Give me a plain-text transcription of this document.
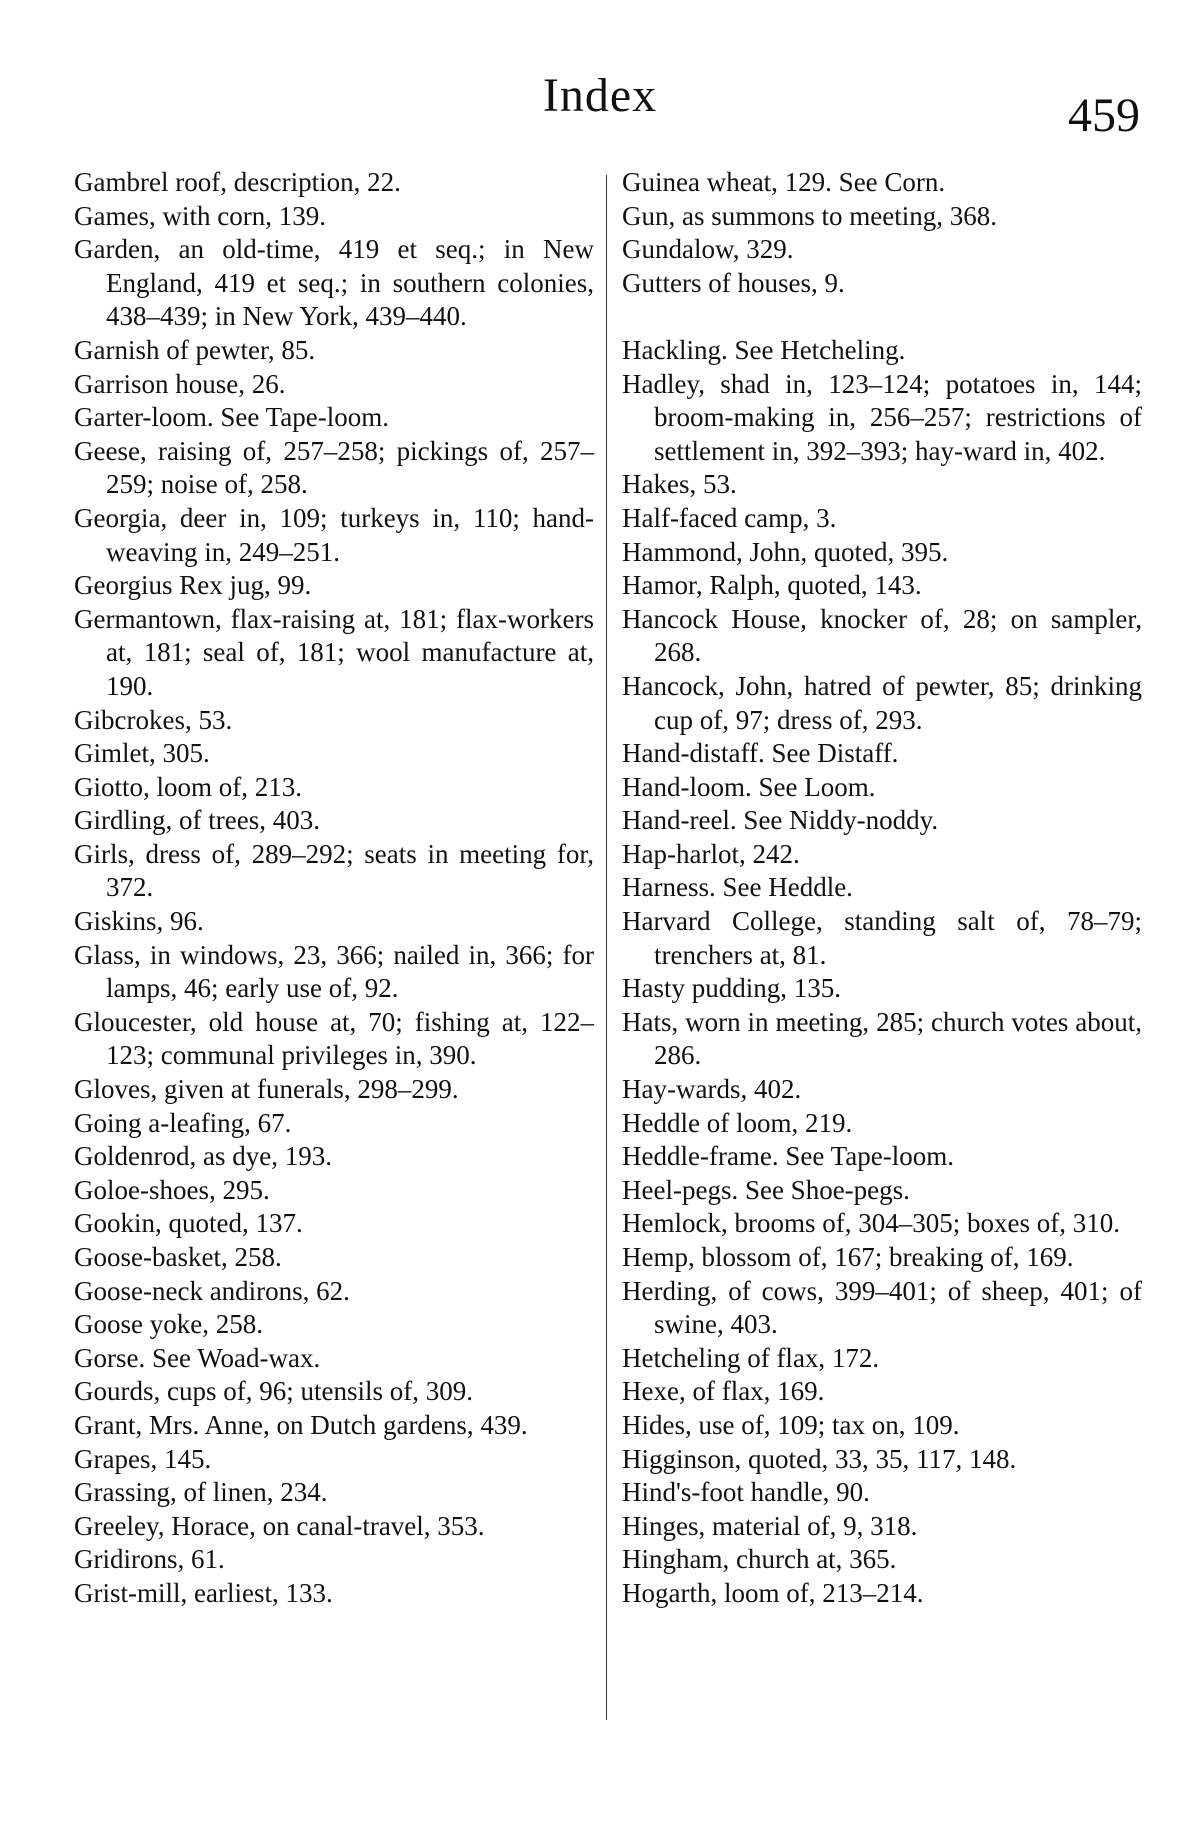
Index	459

Gambrel roof, description, 22.

Games, with corn, 139.

Garden, an old-time, 419 et seq.; in New England, 419 et seq.; in southern colonies, 438–439; in New York, 439–440.

Garnish of pewter, 85.

Garrison house, 26.

Garter-loom. See Tape-loom.

Geese, raising of, 257–258; pickings of, 257–259; noise of, 258.

Georgia, deer in, 109; turkeys in, 110; hand-weaving in, 249–251.

Georgius Rex jug, 99.

Germantown, flax-raising at, 181; flax-workers at, 181; seal of, 181; wool manufacture at, 190.

Gibcrokes, 53.

Gimlet, 305.

Giotto, loom of, 213.

Girdling, of trees, 403.

Girls, dress of, 289–292; seats in meeting for, 372.

Giskins, 96.

Glass, in windows, 23, 366; nailed in, 366; for lamps, 46; early use of, 92.

Gloucester, old house at, 70; fishing at, 122–123; communal privileges in, 390.

Gloves, given at funerals, 298–299.

Going a-leafing, 67.

Goldenrod, as dye, 193.

Goloe-shoes, 295.

Gookin, quoted, 137.

Goose-basket, 258.

Goose-neck andirons, 62.

Goose yoke, 258.

Gorse. See Woad-wax.

Gourds, cups of, 96; utensils of, 309.

Grant, Mrs. Anne, on Dutch gardens, 439.

Grapes, 145.

Grassing, of linen, 234.

Greeley, Horace, on canal-travel, 353.

Gridirons, 61.

Grist-mill, earliest, 133.

Guinea wheat, 129. See Corn.

Gun, as summons to meeting, 368.

Gundalow, 329.

Gutters of houses, 9.

Hackling. See Hetcheling.

Hadley, shad in, 123–124; potatoes in, 144; broom-making in, 256–257; restrictions of settlement in, 392–393; hay-ward in, 402.

Hakes, 53.

Half-faced camp, 3.

Hammond, John, quoted, 395.

Hamor, Ralph, quoted, 143.

Hancock House, knocker of, 28; on sampler, 268.

Hancock, John, hatred of pewter, 85; drinking cup of, 97; dress of, 293.

Hand-distaff. See Distaff.

Hand-loom. See Loom.

Hand-reel. See Niddy-noddy.

Hap-harlot, 242.

Harness. See Heddle.

Harvard College, standing salt of, 78–79; trenchers at, 81.

Hasty pudding, 135.

Hats, worn in meeting, 285; church votes about, 286.

Hay-wards, 402.

Heddle of loom, 219.

Heddle-frame. See Tape-loom.

Heel-pegs. See Shoe-pegs.

Hemlock, brooms of, 304–305; boxes of, 310.

Hemp, blossom of, 167; breaking of, 169.

Herding, of cows, 399–401; of sheep, 401; of swine, 403.

Hetcheling of flax, 172.

Hexe, of flax, 169.

Hides, use of, 109; tax on, 109.

Higginson, quoted, 33, 35, 117, 148.

Hind's-foot handle, 90.

Hinges, material of, 9, 318.

Hingham, church at, 365.

Hogarth, loom of, 213–214.
